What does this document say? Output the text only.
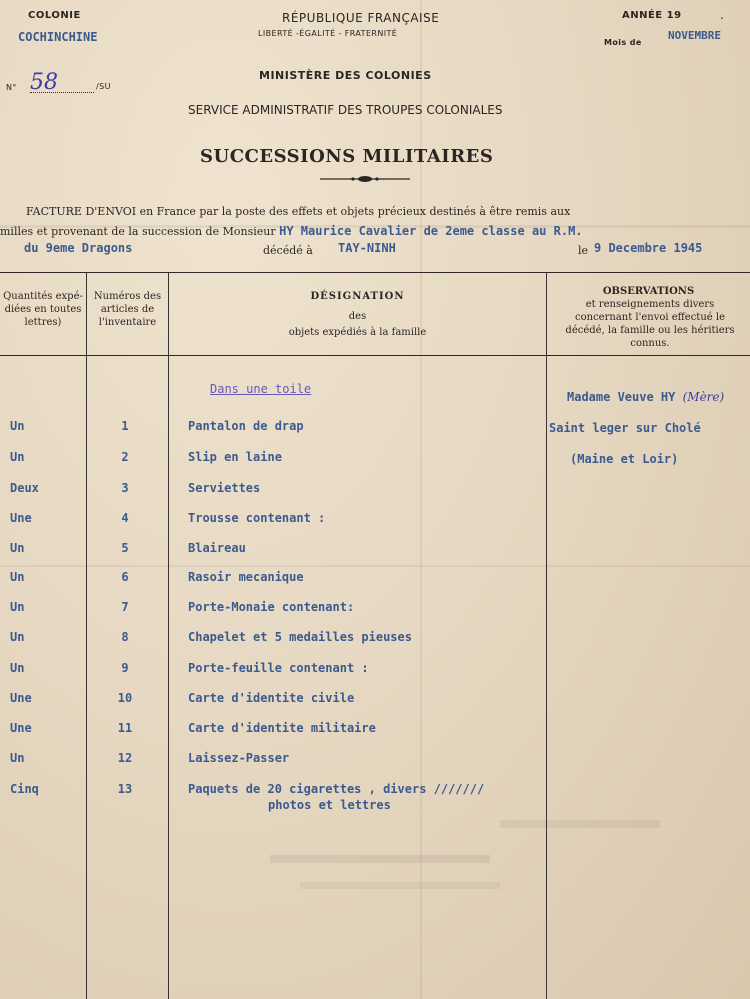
COLONIE
COCHINCHINE
RÉPUBLIQUE FRANÇAISE
LIBERTÉ -ÉGALITÉ - FRATERNITÉ
ANNÉE 19	.
Mois de
NOVEMBRE
N° 58	/SU
MINISTÈRE DES COLONIES
SERVICE ADMINISTRATIF DES TROUPES COLONIALES
SUCCESSIONS MILITAIRES
FACTURE D'ENVOI en France par la poste des effets et objets précieux destinés à être remis aux
milles et provenant de la succession de Monsieur HY Maurice Cavalier de 2eme classe au R.M.
du 9eme Dragons	décédé à TAY-NINH	le 9 Decembre 1945
Quantités expé-diées en toutes lettres)
Numéros des articles de l'inventaire
DÉSIGNATION
des
objets expédiés à la famille
OBSERVATIONS
et renseignements divers concernant l'envoi effectué le décédé, la famille ou les héritiers connus.
Dans une toile
Un	1	Pantalon de drap
Un	2	Slip en laine
Deux	3	Serviettes
Une	4	Trousse contenant :
Un	5	Blaireau
Un	6	Rasoir mecanique
Un	7	Porte-Monaie contenant:
Un	8	Chapelet et 5 medailles pieuses
Un	9	Porte-feuille contenant :
Une	10	Carte d'identite civile
Une	11	Carte d'identite militaire
Un	12	Laissez-Passer
Cinq	13	Paquets de 20 cigarettes , divers ///////
photos et lettres
Madame Veuve HY (Mère)
Saint leger sur Cholé
(Maine et Loir)
